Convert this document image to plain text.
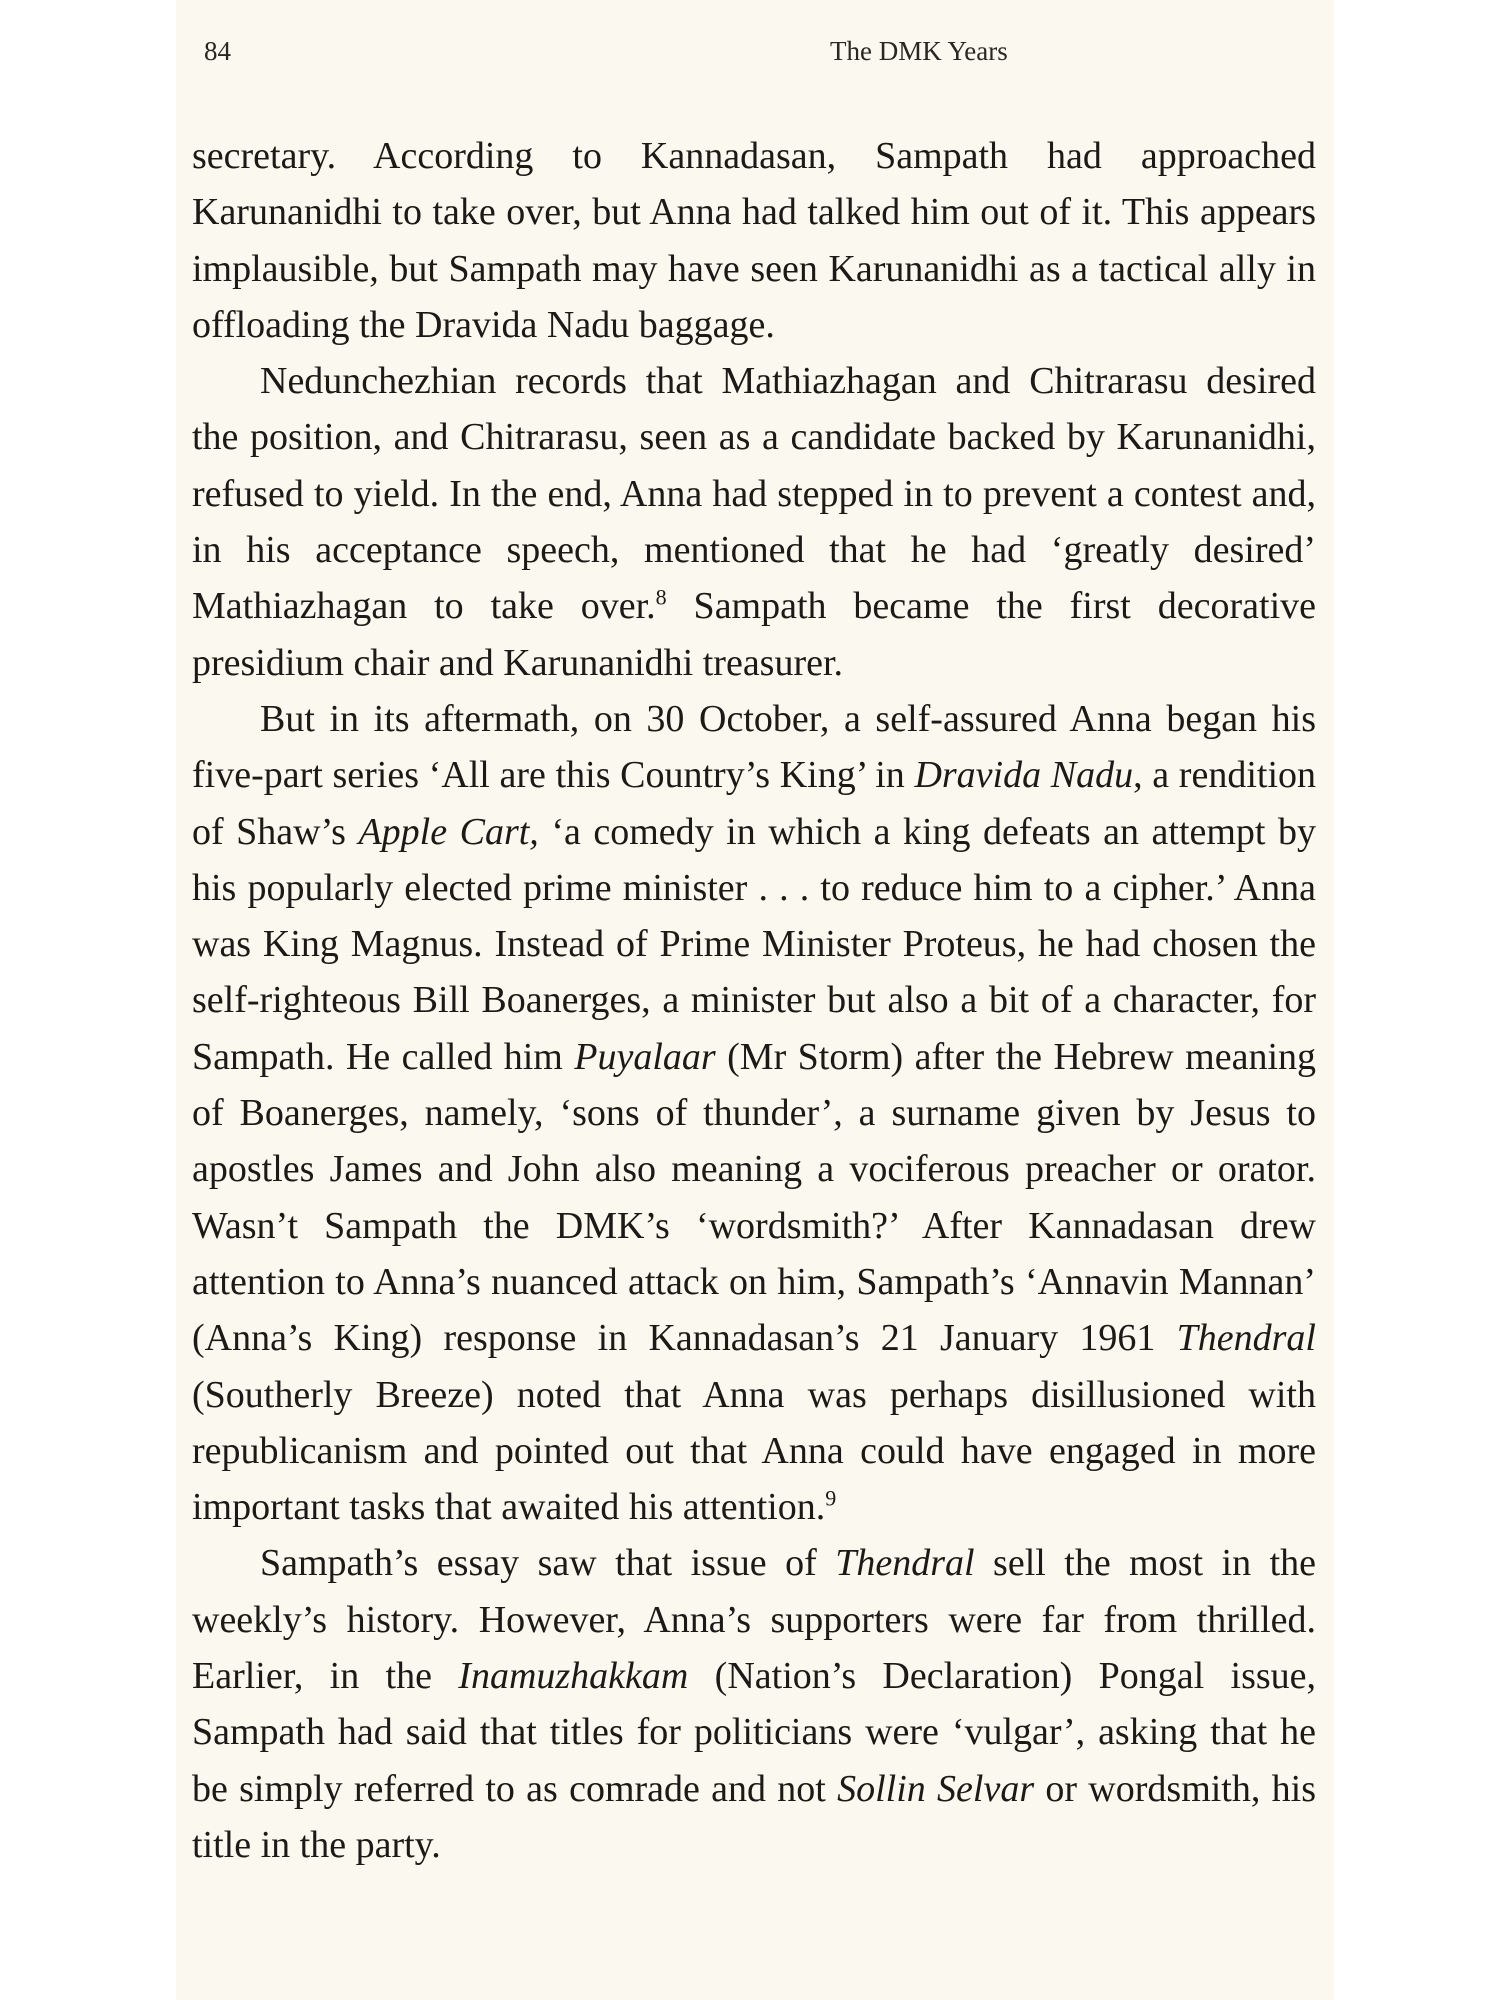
84	The DMK Years

secretary. According to Kannadasan, Sampath had approached Karunanidhi to take over, but Anna had talked him out of it. This appears implausible, but Sampath may have seen Karunanidhi as a tactical ally in offloading the Dravida Nadu baggage.

Nedunchezhian records that Mathiazhagan and Chitrarasu desired the position, and Chitrarasu, seen as a candidate backed by Karunanidhi, refused to yield. In the end, Anna had stepped in to prevent a contest and, in his acceptance speech, mentioned that he had ‘greatly desired’ Mathiazhagan to take over.$^8$ Sampath became the first decorative presidium chair and Karunanidhi treasurer.

But in its aftermath, on 30 October, a self-assured Anna began his five-part series ‘All are this Country’s King’ in Dravida Nadu, a rendition of Shaw’s Apple Cart, ‘a comedy in which a king defeats an attempt by his popularly elected prime minister . . . to reduce him to a cipher.’ Anna was King Magnus. Instead of Prime Minister Proteus, he had chosen the self-righteous Bill Boanerges, a minister but also a bit of a character, for Sampath. He called him Puyalaar (Mr Storm) after the Hebrew meaning of Boanerges, namely, ‘sons of thunder’, a surname given by Jesus to apostles James and John also meaning a vociferous preacher or orator. Wasn’t Sampath the DMK’s ‘wordsmith?’ After Kannadasan drew attention to Anna’s nuanced attack on him, Sampath’s ‘Annavin Mannan’ (Anna’s King) response in Kannadasan’s 21 January 1961 Thendral (Southerly Breeze) noted that Anna was perhaps disillusioned with republicanism and pointed out that Anna could have engaged in more important tasks that awaited his attention.$^9$

Sampath’s essay saw that issue of Thendral sell the most in the weekly’s history. However, Anna’s supporters were far from thrilled. Earlier, in the Inamuzhakkam (Nation’s Declaration) Pongal issue, Sampath had said that titles for politicians were ‘vulgar’, asking that he be simply referred to as comrade and not Sollin Selvar or wordsmith, his title in the party.
